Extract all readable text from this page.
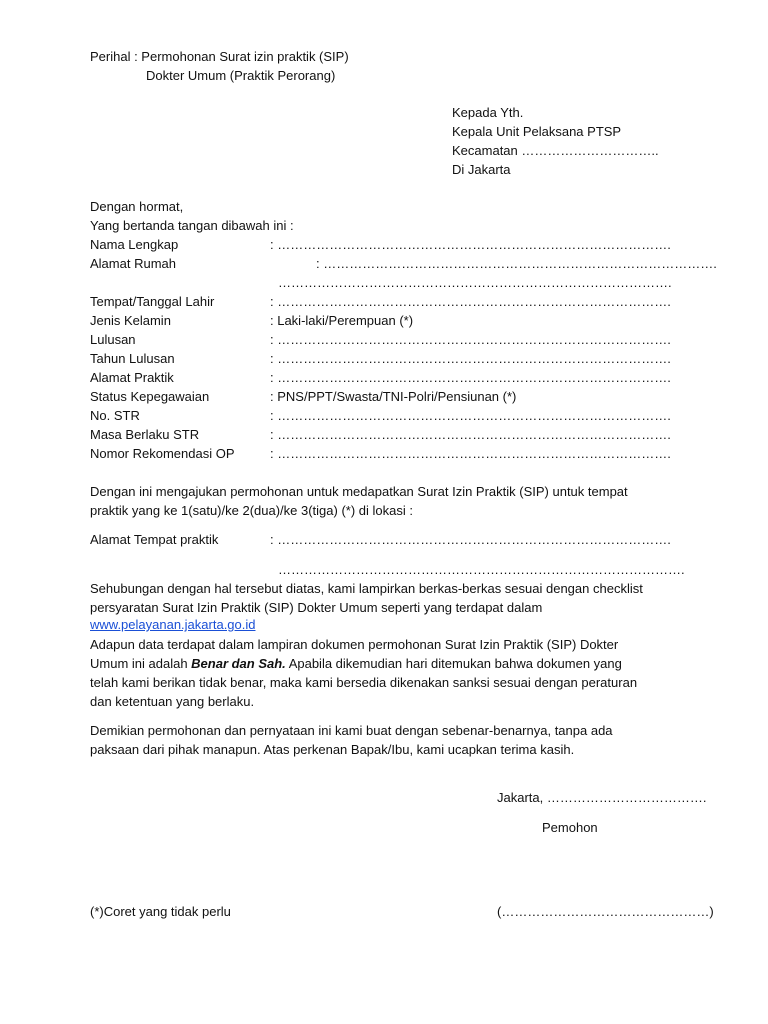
Perihal : Permohonan Surat izin praktik (SIP)
Dokter Umum (Praktik Perorang)
Kepada Yth.
Kepala Unit Pelaksana PTSP
Kecamatan …………………………..
Di Jakarta
Dengan hormat,
Yang bertanda tangan dibawah ini :
Nama Lengkap	: ……………………………………………………………………………….
Alamat Rumah	: ……………………………………………………………………………….
……………………………………………………………………………….
Tempat/Tanggal Lahir	: ……………………………………………………………………………….
Jenis Kelamin	: Laki-laki/Perempuan (*)
Lulusan	: ……………………………………………………………………………….
Tahun Lulusan	: ……………………………………………………………………………….
Alamat Praktik	: ……………………………………………………………………………….
Status Kepegawaian	: PNS/PPT/Swasta/TNI-Polri/Pensiunan (*)
No. STR	: ……………………………………………………………………………….
Masa Berlaku STR	: ……………………………………………………………………………….
Nomor Rekomendasi OP	: ……………………………………………………………………………….
Dengan ini mengajukan permohonan untuk medapatkan Surat Izin Praktik (SIP) untuk tempat
praktik yang ke 1(satu)/ke 2(dua)/ke 3(tiga) (*) di lokasi :
Alamat Tempat praktik	: ……………………………………………………………………………….
………………………………………………………………………………….
Sehubungan dengan hal tersebut diatas, kami lampirkan berkas-berkas sesuai dengan checklist
persyaratan Surat Izin Praktik (SIP) Dokter Umum seperti yang terdapat dalam
www.pelayanan.jakarta.go.id
Adapun data terdapat dalam lampiran dokumen permohonan Surat Izin Praktik (SIP) Dokter
Umum ini adalah Benar dan Sah. Apabila dikemudian hari ditemukan bahwa dokumen yang
telah kami berikan tidak benar, maka kami bersedia dikenakan sanksi sesuai dengan peraturan
dan ketentuan yang berlaku.
Demikian permohonan dan pernyataan ini kami buat dengan sebenar-benarnya, tanpa ada
paksaan dari pihak manapun. Atas perkenan Bapak/Ibu, kami ucapkan terima kasih.
Jakarta, ……………………………….
Pemohon
(…………………………………………)
(*)Coret yang tidak perlu
